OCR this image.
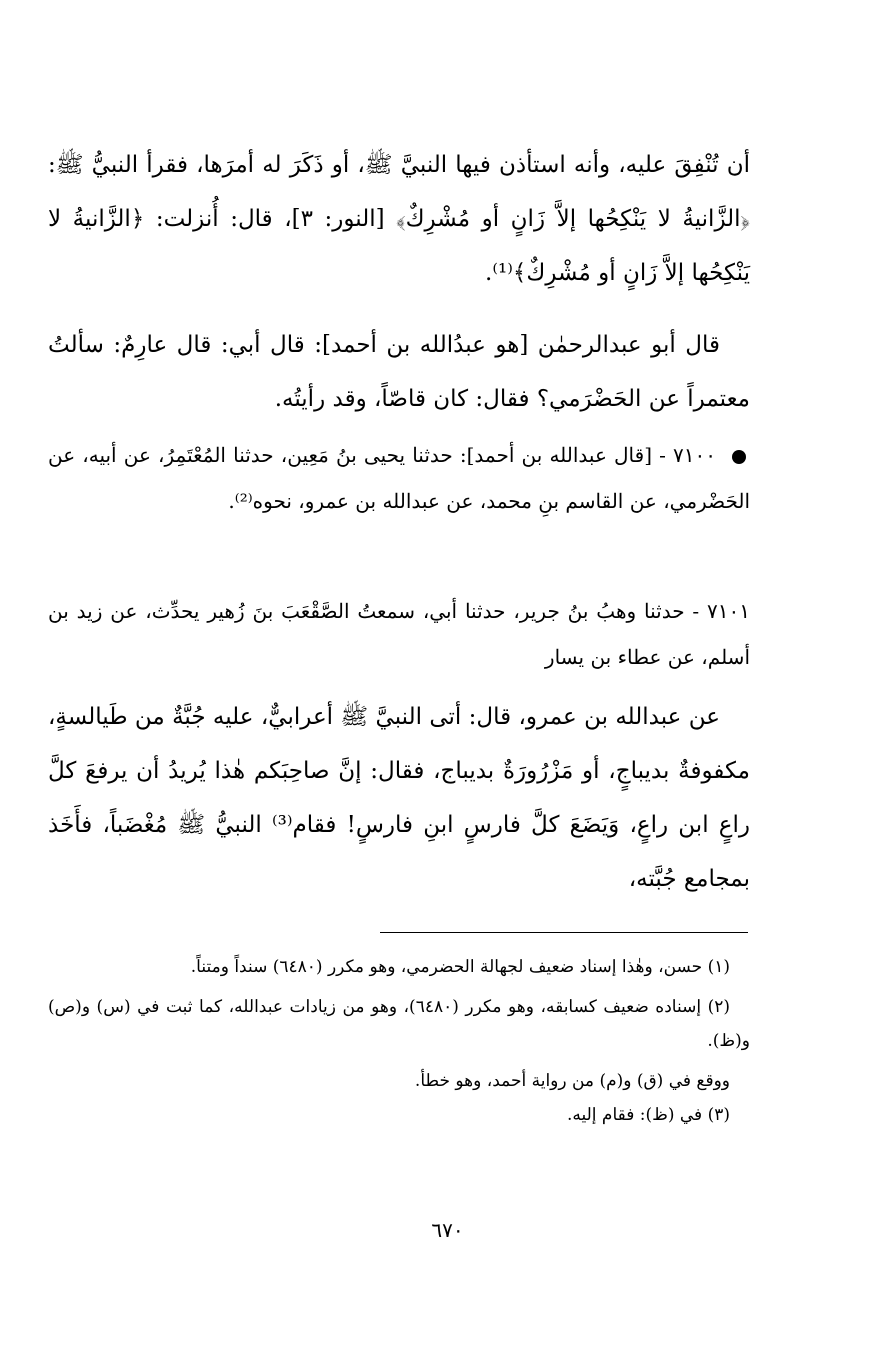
أن تُنْفِقَ عليه، وأنه استأذن فيها النبيَّ ﷺ، أو ذَكَرَ له أمرَها، فقرأ النبيُّ ﷺ: ﴿الزَّانيةُ لا يَنْكِحُها إلاَّ زَانٍ أو مُشْرِكٌ﴾ [النور: ٣]، قال: أُنزلت: ﴿الزَّانيةُ لا يَنْكِحُها إلاَّ زَانٍ أو مُشْرِكٌ﴾⁽¹⁾.

قال أبو عبدالرحمٰن [هو عبدُالله بن أحمد]: قال أبي: قال عارِمٌ: سألتُ معتمراً عن الحَضْرَمي؟ فقال: كان قاصّاً، وقد رأيتُه.

٧١٠٠ - [قال عبدالله بن أحمد]: حدثنا يحيى بنُ مَعِين، حدثنا المُعْتَمِرُ، عن أبيه، عن الحَضْرمي، عن القاسم بنِ محمد، عن عبدالله بن عمرو، نحوه⁽²⁾.

٧١٠١ - حدثنا وهبُ بنُ جرير، حدثنا أبي، سمعتُ الصَّقْعَبَ بنَ زُهير يحدِّث، عن زيد بن أسلم، عن عطاء بن يسار

عن عبدالله بن عمرو، قال: أتى النبيَّ ﷺ أعرابيٌّ، عليه جُبَّةٌ من طَيالسةٍ، مكفوفةٌ بديباجٍ، أو مَزْرُورَةٌ بديباج، فقال: إنَّ صاحِبَكم هٰذا يُريدُ أن يرفعَ كلَّ راعٍ ابن راعٍ، وَيَضَعَ كلَّ فارسٍ ابنِ فارسٍ! فقام⁽³⁾ النبيُّ ﷺ مُغْضَباً، فأَخَذ بمجامع جُبَّته،

(١) حسن، وهٰذا إسناد ضعيف لجهالة الحضرمي، وهو مكرر (٦٤٨٠) سنداً ومتناً.

(٢) إسناده ضعيف كسابقه، وهو مكرر (٦٤٨٠)، وهو من زيادات عبدالله، كما ثبت في (س) و(ص) و(ظ).

ووقع في (ق) و(م) من رواية أحمد، وهو خطأ.

(٣) في (ظ): فقام إليه.

٦٧٠
